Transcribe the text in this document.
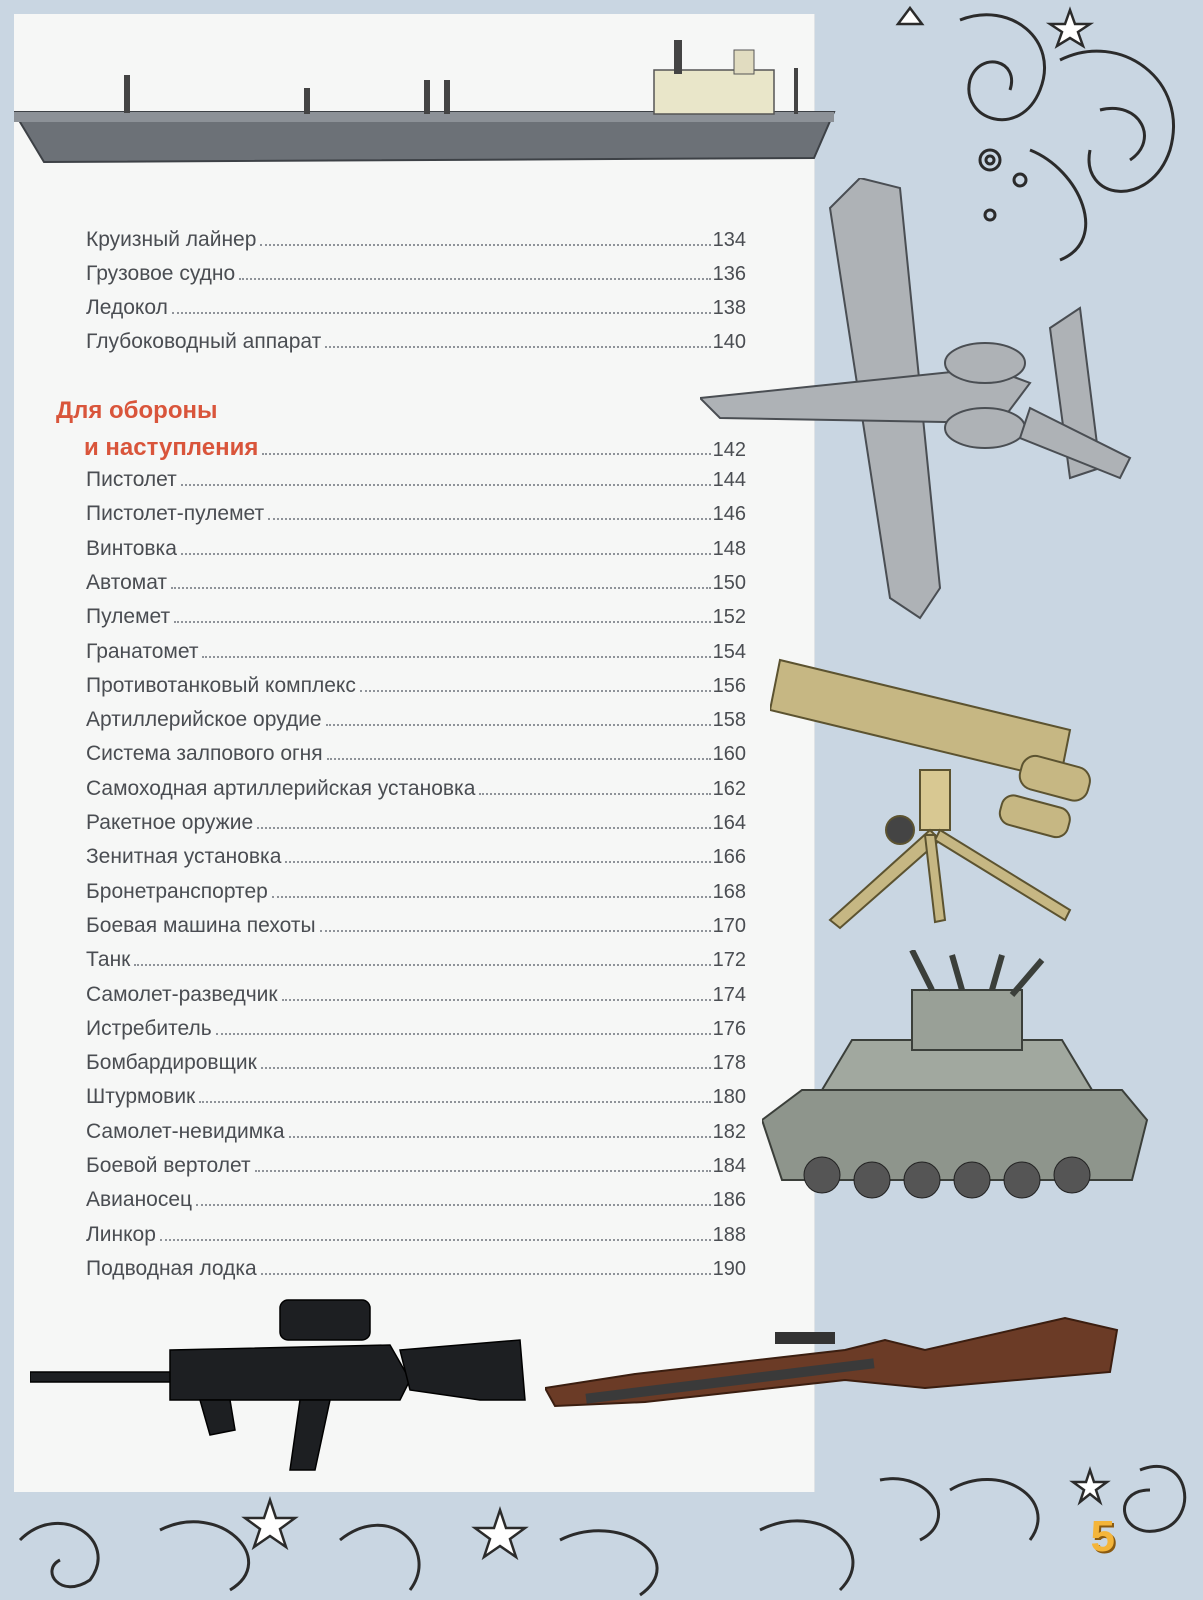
Круизный лайнер	134
Грузовое судно	136
Ледокол	138
Глубоководный аппарат	140
Для обороны
и наступления	142
Пистолет	144
Пистолет-пулемет	146
Винтовка	148
Автомат	150
Пулемет	152
Гранатомет	154
Противотанковый комплекс	156
Артиллерийское орудие	158
Система залпового огня	160
Самоходная артиллерийская установка	162
Ракетное оружие	164
Зенитная установка	166
Бронетранспортер	168
Боевая машина пехоты	170
Танк	172
Самолет-разведчик	174
Истребитель	176
Бомбардировщик	178
Штурмовик	180
Самолет-невидимка	182
Боевой вертолет	184
Авианосец	186
Линкор	188
Подводная лодка	190
5
